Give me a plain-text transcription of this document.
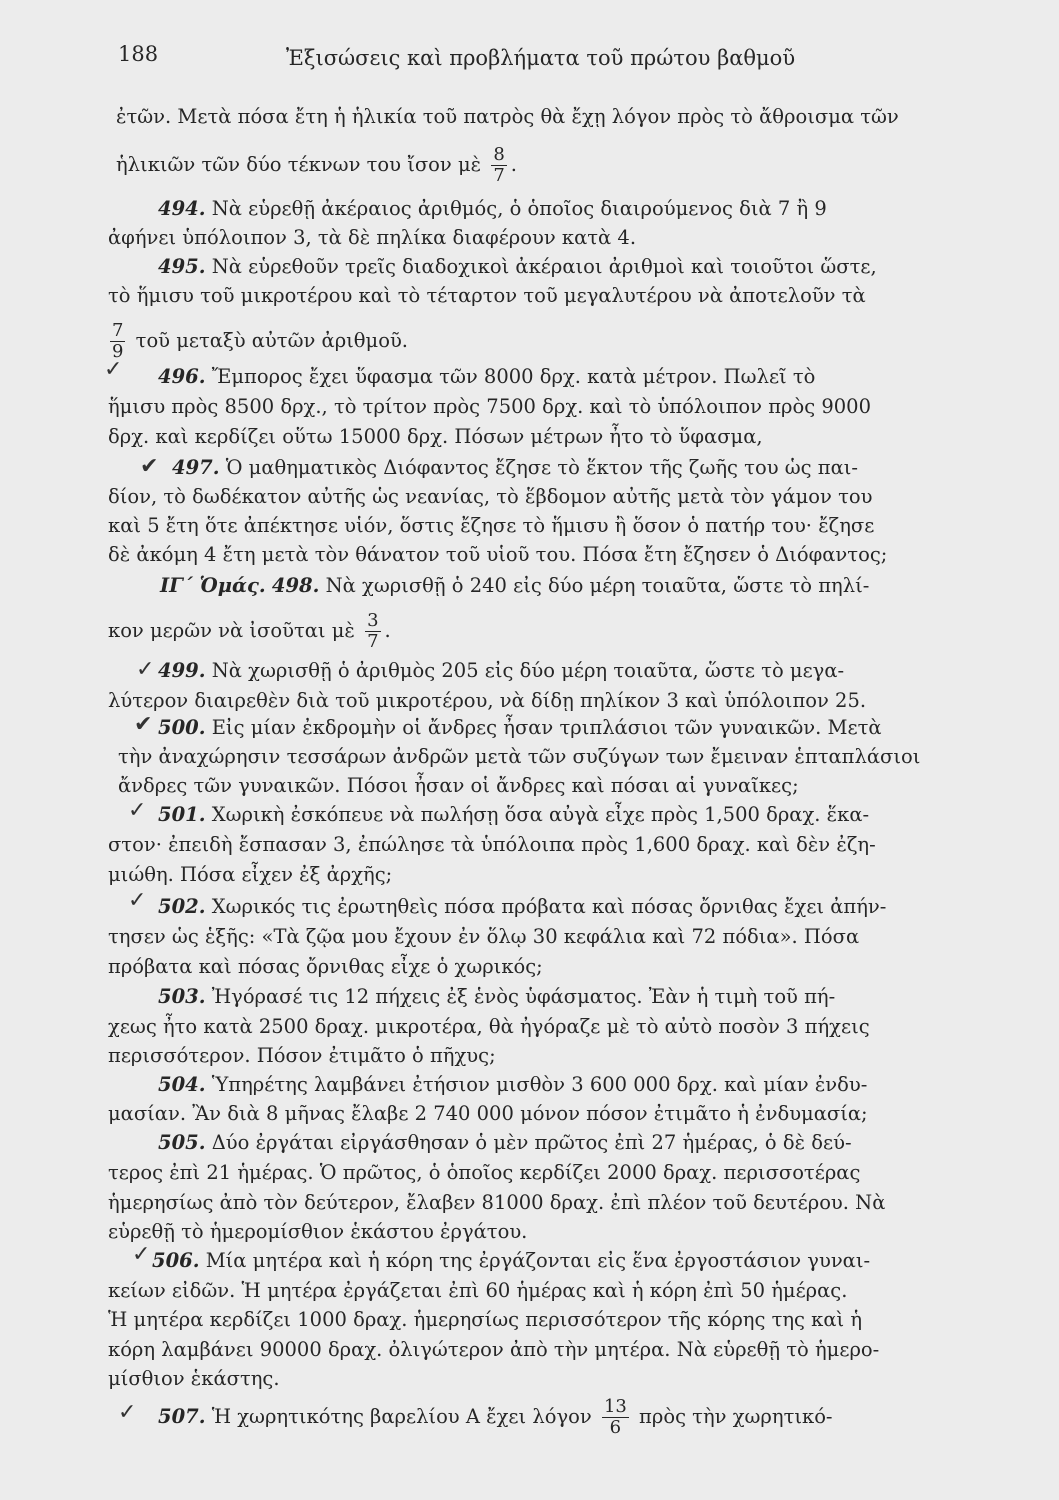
188	Ἐξισώσεις καὶ προβλήματα τοῦ πρώτου βαθμοῦ
ἐτῶν. Μετὰ πόσα ἔτη ἡ ἡλικία τοῦ πατρὸς θὰ ἔχῃ λόγον πρὸς τὸ ἄθροισμα τῶν
ἡλικιῶν τῶν δύο τέκνων του ἴσον μὲ $\frac{8}{7}$ .
494. Νὰ εὑρεθῇ ἀκέραιος ἀριθμός, ὁ ὁποῖος διαιρούμενος διὰ 7 ἢ 9
ἀφήνει ὑπόλοιπον 3, τὰ δὲ πηλίκα διαφέρουν κατὰ 4.
495. Νὰ εὑρεθοῦν τρεῖς διαδοχικοὶ ἀκέραιοι ἀριθμοὶ καὶ τοιοῦτοι ὥστε,
τὸ ἥμισυ τοῦ μικροτέρου καὶ τὸ τέταρτον τοῦ μεγαλυτέρου νὰ ἀποτελοῦν τὰ
$\frac{7}{9}$ τοῦ μεταξὺ αὐτῶν ἀριθμοῦ.
✓ 496. Ἔμπορος ἔχει ὕφασμα τῶν 8000 δρχ. κατὰ μέτρον. Πωλεῖ τὸ
ἥμισυ πρὸς 8500 δρχ., τὸ τρίτον πρὸς 7500 δρχ. καὶ τὸ ὑπόλοιπον πρὸς 9000
δρχ. καὶ κερδίζει οὕτω 15000 δρχ. Πόσων μέτρων ἦτο τὸ ὕφασμα,
✔ 497. Ὁ μαθηματικὸς Διόφαντος ἔζησε τὸ ἕκτον τῆς ζωῆς του ὡς παι-
δίον, τὸ δωδέκατον αὐτῆς ὡς νεανίας, τὸ ἕβδομον αὐτῆς μετὰ τὸν γάμον του
καὶ 5 ἔτη ὅτε ἀπέκτησε υἱόν, ὅστις ἔζησε τὸ ἥμισυ ἢ ὅσον ὁ πατήρ του· ἔζησε
δὲ ἀκόμη 4 ἔτη μετὰ τὸν θάνατον τοῦ υἱοῦ του. Πόσα ἔτη ἔζησεν ὁ Διόφαντος;
ΙΓ΄ Ὁμάς. 498. Νὰ χωρισθῇ ὁ 240 εἰς δύο μέρη τοιαῦτα, ὥστε τὸ πηλί-
κον μερῶν νὰ ἰσοῦται μὲ $\frac{3}{7}$ .
✓ 499. Νὰ χωρισθῇ ὁ ἀριθμὸς 205 εἰς δύο μέρη τοιαῦτα, ὥστε τὸ μεγα-
λύτερον διαιρεθὲν διὰ τοῦ μικροτέρου, νὰ δίδῃ πηλίκον 3 καὶ ὑπόλοιπον 25.
✔ 500. Εἰς μίαν ἐκδρομὴν οἱ ἄνδρες ἦσαν τριπλάσιοι τῶν γυναικῶν. Μετὰ
τὴν ἀναχώρησιν τεσσάρων ἀνδρῶν μετὰ τῶν συζύγων των ἔμειναν ἑπταπλάσιοι
ἄνδρες τῶν γυναικῶν. Πόσοι ἦσαν οἱ ἄνδρες καὶ πόσαι αἱ γυναῖκες;
✓ 501. Χωρικὴ ἐσκόπευε νὰ πωλήσῃ ὅσα αὐγὰ εἶχε πρὸς 1,500 δραχ. ἕκα-
στον· ἐπειδὴ ἔσπασαν 3, ἐπώλησε τὰ ὑπόλοιπα πρὸς 1,600 δραχ. καὶ δὲν ἐζη-
μιώθη. Πόσα εἶχεν ἐξ ἀρχῆς;
✓ 502. Χωρικός τις ἐρωτηθεὶς πόσα πρόβατα καὶ πόσας ὄρνιθας ἔχει ἀπήν-
τησεν ὡς ἑξῆς: «Τὰ ζῷα μου ἔχουν ἐν ὅλῳ 30 κεφάλια καὶ 72 πόδια». Πόσα
πρόβατα καὶ πόσας ὄρνιθας εἶχε ὁ χωρικός;
503. Ἠγόρασέ τις 12 πήχεις ἐξ ἑνὸς ὑφάσματος. Ἐὰν ἡ τιμὴ τοῦ πή-
χεως ἦτο κατὰ 2500 δραχ. μικροτέρα, θὰ ἠγόραζε μὲ τὸ αὐτὸ ποσὸν 3 πήχεις
περισσότερον. Πόσον ἐτιμᾶτο ὁ πῆχυς;
504. Ὑπηρέτης λαμβάνει ἐτήσιον μισθὸν 3 600 000 δρχ. καὶ μίαν ἐνδυ-
μασίαν. Ἂν διὰ 8 μῆνας ἔλαβε 2 740 000 μόνον πόσον ἐτιμᾶτο ἡ ἐνδυμασία;
505. Δύο ἐργάται εἰργάσθησαν ὁ μὲν πρῶτος ἐπὶ 27 ἡμέρας, ὁ δὲ δεύ-
τερος ἐπὶ 21 ἡμέρας. Ὁ πρῶτος, ὁ ὁποῖος κερδίζει 2000 δραχ. περισσοτέρας
ἡμερησίως ἀπὸ τὸν δεύτερον, ἔλαβεν 81000 δραχ. ἐπὶ πλέον τοῦ δευτέρου. Νὰ
εὑρεθῇ τὸ ἡμερομίσθιον ἑκάστου ἐργάτου.
✓ 506. Μία μητέρα καὶ ἡ κόρη της ἐργάζονται εἰς ἕνα ἐργοστάσιον γυναι-
κείων εἰδῶν. Ἡ μητέρα ἐργάζεται ἐπὶ 60 ἡμέρας καὶ ἡ κόρη ἐπὶ 50 ἡμέρας.
Ἡ μητέρα κερδίζει 1000 δραχ. ἡμερησίως περισσότερον τῆς κόρης της καὶ ἡ
κόρη λαμβάνει 90000 δραχ. ὀλιγώτερον ἀπὸ τὴν μητέρα. Νὰ εὑρεθῇ τὸ ἡμερο-
μίσθιον ἑκάστης.
✓ 507. Ἡ χωρητικότης βαρελίου Α ἔχει λόγον $\frac{13}{6}$ πρὸς τὴν χωρητικό-
